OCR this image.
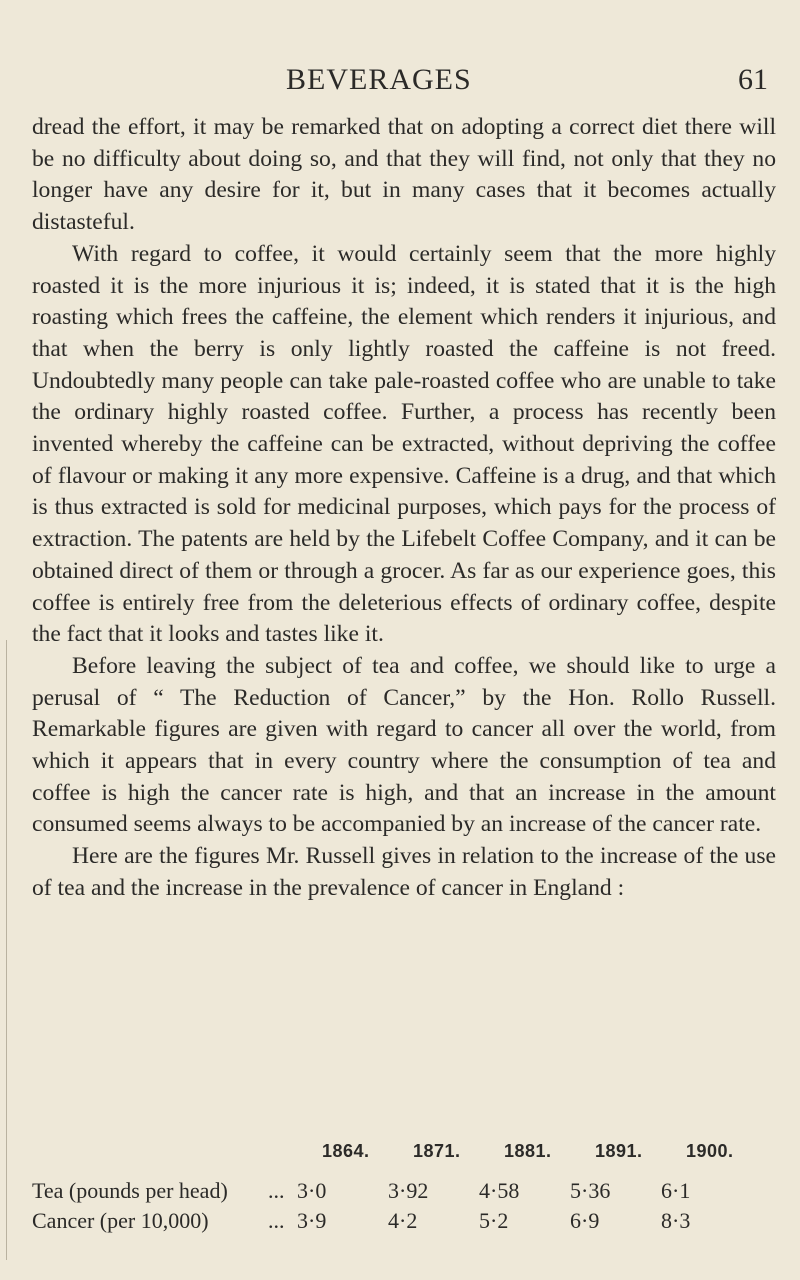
BEVERAGES	61

dread the effort, it may be remarked that on adopting a correct diet there will be no difficulty about doing so, and that they will find, not only that they no longer have any desire for it, but in many cases that it becomes actually distasteful.

With regard to coffee, it would certainly seem that the more highly roasted it is the more injurious it is; indeed, it is stated that it is the high roasting which frees the caffeine, the element which renders it injurious, and that when the berry is only lightly roasted the caffeine is not freed. Undoubtedly many people can take pale-roasted coffee who are unable to take the ordinary highly roasted coffee. Further, a process has recently been invented whereby the caffeine can be extracted, without depriving the coffee of flavour or making it any more expensive. Caffeine is a drug, and that which is thus extracted is sold for medicinal purposes, which pays for the process of extraction. The patents are held by the Lifebelt Coffee Company, and it can be obtained direct of them or through a grocer. As far as our experience goes, this coffee is entirely free from the deleterious effects of ordinary coffee, despite the fact that it looks and tastes like it.

Before leaving the subject of tea and coffee, we should like to urge a perusal of “ The Reduction of Cancer,” by the Hon. Rollo Russell. Remarkable figures are given with regard to cancer all over the world, from which it appears that in every country where the consumption of tea and coffee is high the cancer rate is high, and that an increase in the amount consumed seems always to be accompanied by an increase of the cancer rate.

Here are the figures Mr. Russell gives in relation to the increase of the use of tea and the increase in the prevalence of cancer in England :

1864.	1871.	1881.	1891.	1900.
Tea (pounds per head) ... 3·0	3·92	4·58	5·36	6·1
Cancer (per 10,000)	... 3·9	4·2	5·2	6·9	8·3
